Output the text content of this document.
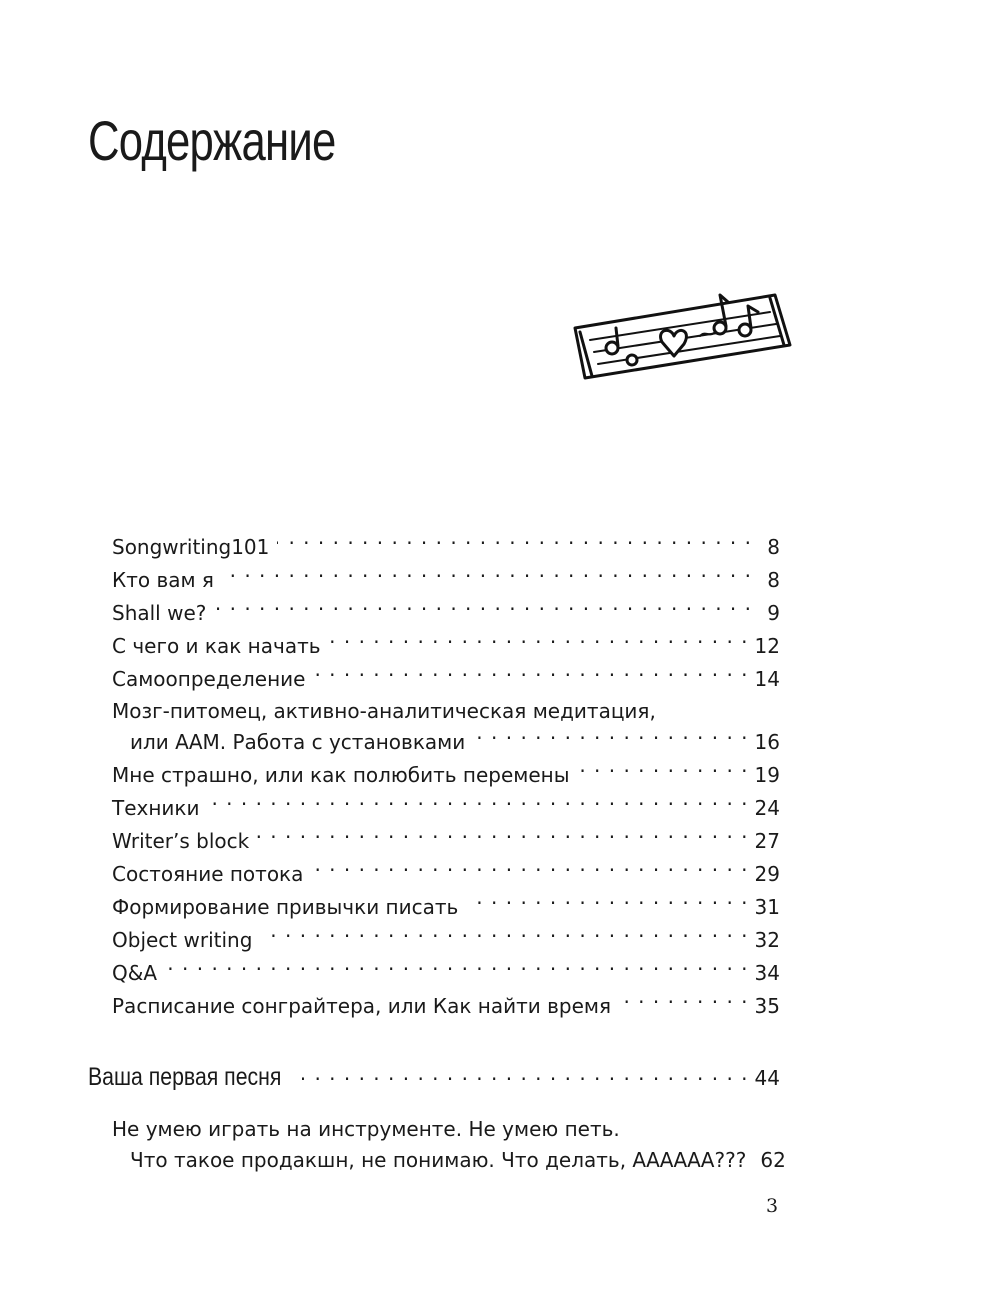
Содержание
Songwriting101 . . .	8
Кто вам я . . .	8
Shall we? . . .	9
С чего и как начать . . .	12
Самоопределение . . .	14
Мозг-питомец, активно-аналитическая медитация,
или ААМ. Работа с установками . . .	16
Мне страшно, или как полюбить перемены . . .	19
Техники . . .	24
Writer’s block . . .	27
Состояние потока . . .	29
Формирование привычки писать . . .	31
Object writing . . .	32
Q&A . . .	34
Расписание сонграйтера, или Как найти время . . .	35
Ваша первая песня . . .	44
Не умею играть на инструменте. Не умею петь.
Что такое продакшн, не понимаю. Что делать, АААААА??? 62
3
